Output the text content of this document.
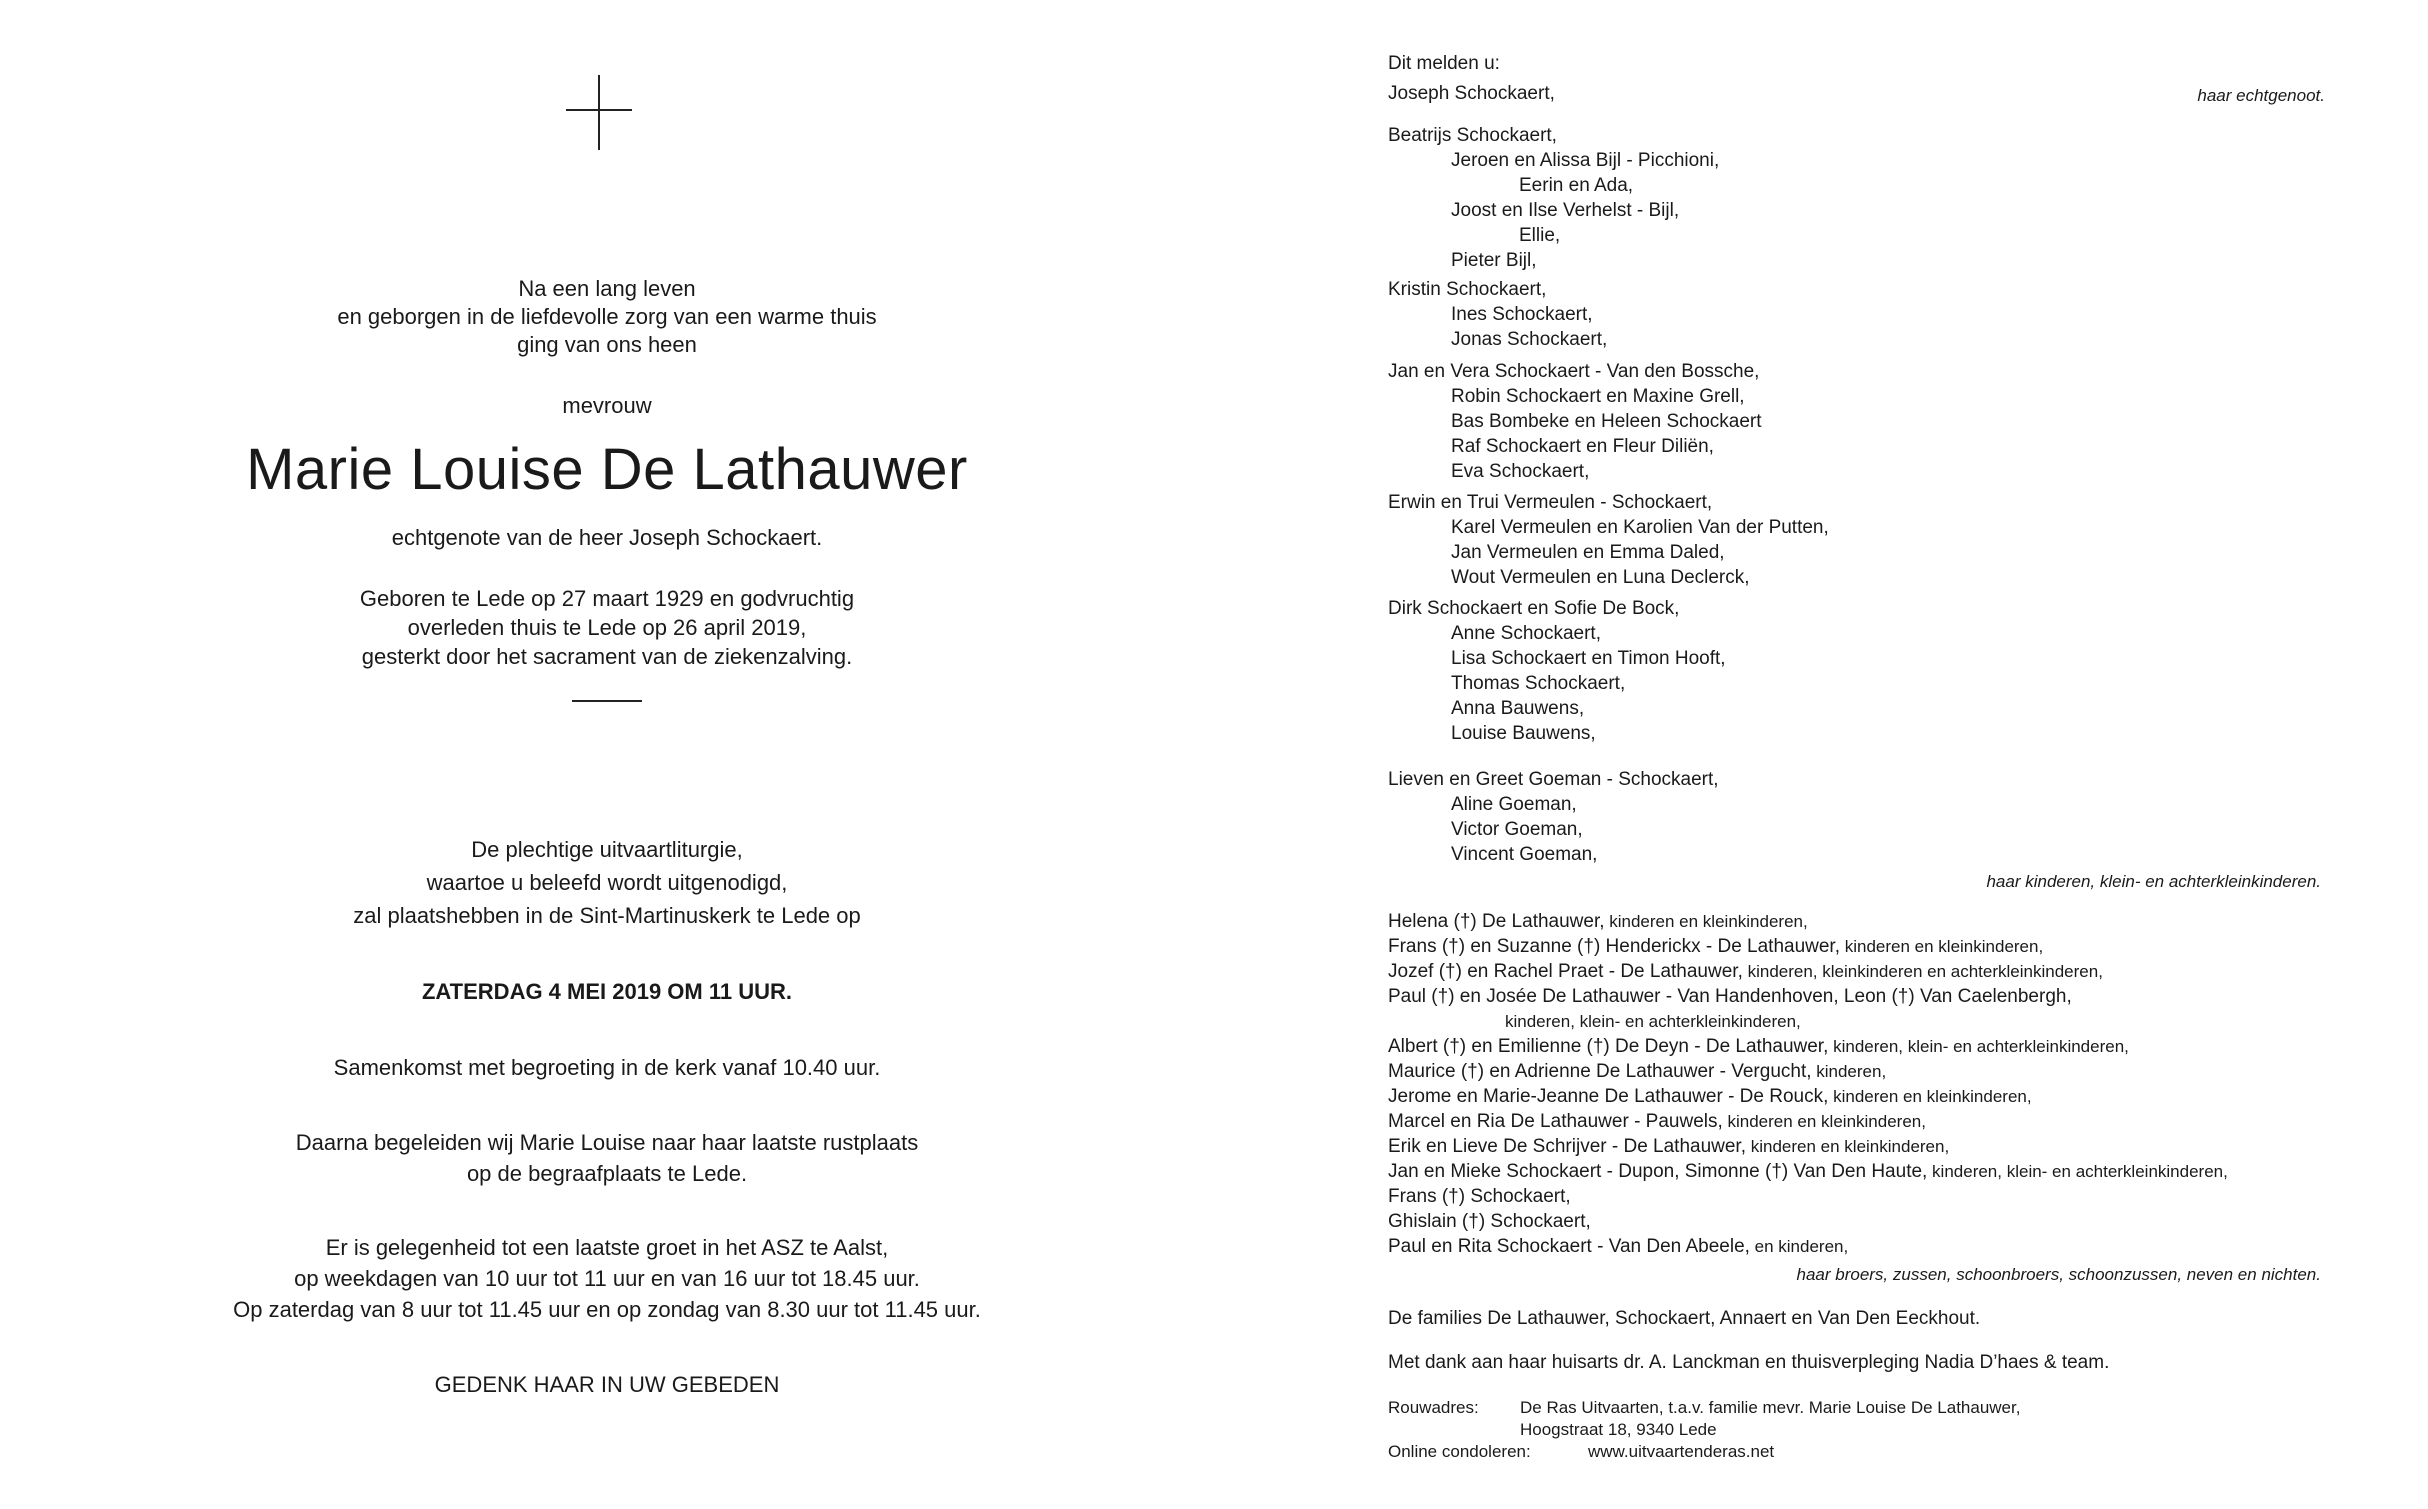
Na een lang leven
en geborgen in de liefdevolle zorg van een warme thuis
ging van ons heen
mevrouw
Marie Louise De Lathauwer
echtgenote van de heer Joseph Schockaert.
Geboren te Lede op 27 maart 1929 en godvruchtig
overleden thuis te Lede op 26 april 2019,
gesterkt door het sacrament van de ziekenzalving.
De plechtige uitvaartliturgie,
waartoe u beleefd wordt uitgenodigd,
zal plaatshebben in de Sint-Martinuskerk te Lede op
ZATERDAG 4 MEI 2019 OM 11 UUR.
Samenkomst met begroeting in de kerk vanaf 10.40 uur.
Daarna begeleiden wij Marie Louise naar haar laatste rustplaats
op de begraafplaats te Lede.
Er is gelegenheid tot een laatste groet in het ASZ te Aalst,
op weekdagen van 10 uur tot 11 uur en van 16 uur tot 18.45 uur.
Op zaterdag van 8 uur tot 11.45 uur en op zondag van 8.30 uur tot 11.45 uur.
GEDENK HAAR IN UW GEBEDEN
Dit melden u:
Joseph Schockaert,	haar echtgenoot.
Beatrijs Schockaert,
Jeroen en Alissa Bijl - Picchioni,
Eerin en Ada,
Joost en Ilse Verhelst - Bijl,
Ellie,
Pieter Bijl,
Kristin Schockaert,
Ines Schockaert,
Jonas Schockaert,
Jan en Vera Schockaert - Van den Bossche,
Robin Schockaert en Maxine Grell,
Bas Bombeke en Heleen Schockaert
Raf Schockaert en Fleur Diliën,
Eva Schockaert,
Erwin en Trui Vermeulen - Schockaert,
Karel Vermeulen en Karolien Van der Putten,
Jan Vermeulen en Emma Daled,
Wout Vermeulen en Luna Declerck,
Dirk Schockaert en Sofie De Bock,
Anne Schockaert,
Lisa Schockaert en Timon Hooft,
Thomas Schockaert,
Anna Bauwens,
Louise Bauwens,
Lieven en Greet Goeman - Schockaert,
Aline Goeman,
Victor Goeman,
Vincent Goeman,
haar kinderen, klein- en achterkleinkinderen.
Helena (†) De Lathauwer, kinderen en kleinkinderen,
Frans (†) en Suzanne (†) Henderickx - De Lathauwer, kinderen en kleinkinderen,
Jozef (†) en Rachel Praet - De Lathauwer, kinderen, kleinkinderen en achterkleinkinderen,
Paul (†) en Josée De Lathauwer - Van Handenhoven, Leon (†) Van Caelenbergh,
kinderen, klein- en achterkleinkinderen,
Albert (†) en Emilienne (†) De Deyn - De Lathauwer, kinderen, klein- en achterkleinkinderen,
Maurice (†) en Adrienne De Lathauwer - Vergucht, kinderen,
Jerome en Marie-Jeanne De Lathauwer - De Rouck, kinderen en kleinkinderen,
Marcel en Ria De Lathauwer - Pauwels, kinderen en kleinkinderen,
Erik en Lieve De Schrijver - De Lathauwer, kinderen en kleinkinderen,
Jan en Mieke Schockaert - Dupon, Simonne (†) Van Den Haute, kinderen, klein- en achterkleinkinderen,
Frans (†) Schockaert,
Ghislain (†) Schockaert,
Paul en Rita Schockaert - Van Den Abeele, en kinderen,
haar broers, zussen, schoonbroers, schoonzussen, neven en nichten.
De families De Lathauwer, Schockaert, Annaert en Van Den Eeckhout.
Met dank aan haar huisarts dr. A. Lanckman en thuisverpleging Nadia D’haes & team.
Rouwadres: De Ras Uitvaarten, t.a.v. familie mevr. Marie Louise De Lathauwer,
Hoogstraat 18, 9340 Lede
Online condoleren:	www.uitvaartenderas.net
